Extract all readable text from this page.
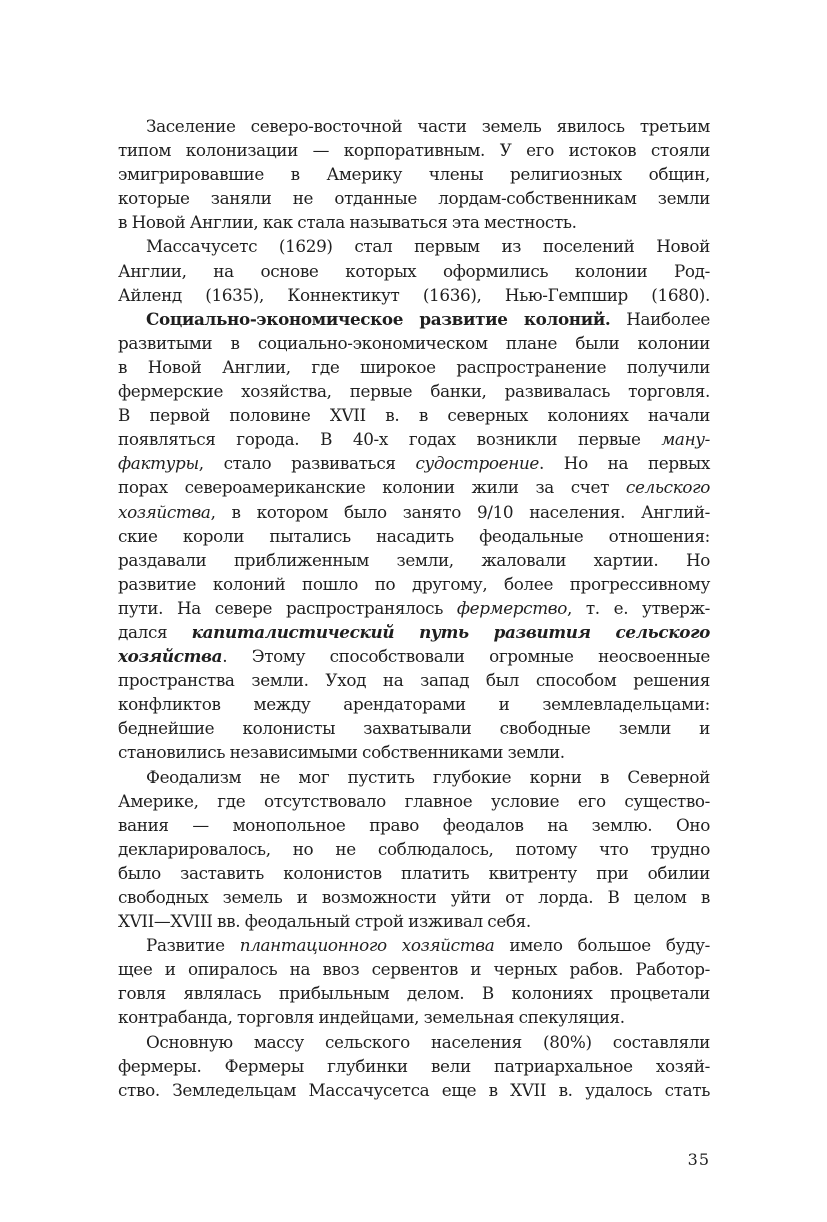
Заселение северо-восточной части земель явилось третьим
типом колонизации — корпоративным. У его истоков стояли
эмигрировавшие в Америку члены религиозных общин,
которые заняли не отданные лордам-собственникам земли
в Новой Англии, как стала называться эта местность.
Массачусетс (1629) стал первым из поселений Новой
Англии, на основе которых оформились колонии Род-
Айленд (1635), Коннектикут (1636), Нью-Гемпшир (1680).
Социально-экономическое развитие колоний. Наиболее
развитыми в социально-экономическом плане были колонии
в Новой Англии, где широкое распространение получили
фермерские хозяйства, первые банки, развивалась торговля.
В первой половине XVII в. в северных колониях начали
появляться города. В 40-х годах возникли первые ману-
фактуры, стало развиваться судостроение. Но на первых
порах североамериканские колонии жили за счет сельского
хозяйства, в котором было занято 9/10 населения. Англий-
ские короли пытались насадить феодальные отношения:
раздавали приближенным земли, жаловали хартии. Но
развитие колоний пошло по другому, более прогрессивному
пути. На севере распространялось фермерство, т. е. утверж-
дался капиталистический путь развития сельского
хозяйства. Этому способствовали огромные неосвоенные
пространства земли. Уход на запад был способом решения
конфликтов между арендаторами и землевладельцами:
беднейшие колонисты захватывали свободные земли и
становились независимыми собственниками земли.
Феодализм не мог пустить глубокие корни в Северной
Америке, где отсутствовало главное условие его существо-
вания — монопольное право феодалов на землю. Оно
декларировалось, но не соблюдалось, потому что трудно
было заставить колонистов платить квитренту при обилии
свободных земель и возможности уйти от лорда. В целом в
XVII—XVIII вв. феодальный строй изживал себя.
Развитие плантационного хозяйства имело большое буду-
щее и опиралось на ввоз сервентов и черных рабов. Работор-
говля являлась прибыльным делом. В колониях процветали
контрабанда, торговля индейцами, земельная спекуляция.
Основную массу сельского населения (80%) составляли
фермеры. Фермеры глубинки вели патриархальное хозяй-
ство. Земледельцам Массачусетса еще в XVII в. удалось стать
35
